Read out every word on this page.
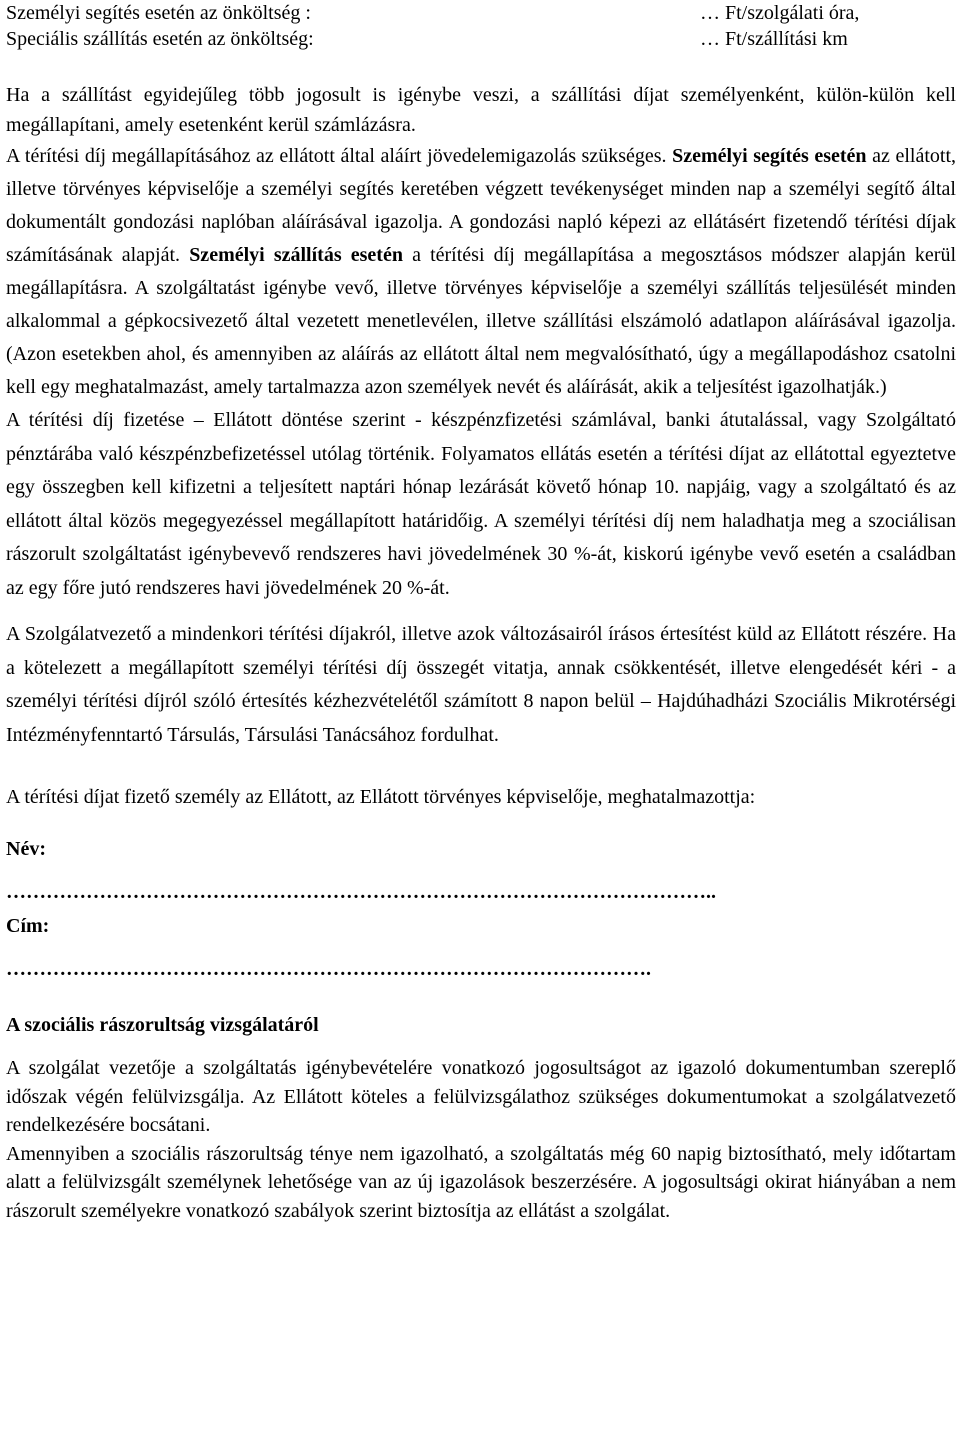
Személyi segítés esetén az önköltség :	… Ft/szolgálati óra,
Speciális szállítás esetén az önköltség:	… Ft/szállítási km

Ha a szállítást egyidejűleg több jogosult is igénybe veszi, a szállítási díjat személyenként, külön-külön kell megállapítani, amely esetenként kerül számlázásra.

A térítési díj megállapításához az ellátott által aláírt jövedelemigazolás szükséges. Személyi segítés esetén az ellátott, illetve törvényes képviselője a személyi segítés keretében végzett tevékenységet minden nap a személyi segítő által dokumentált gondozási naplóban aláírásával igazolja. A gondozási napló képezi az ellátásért fizetendő térítési díjak számításának alapját. Személyi szállítás esetén a térítési díj megállapítása a megosztásos módszer alapján kerül megállapításra. A szolgáltatást igénybe vevő, illetve törvényes képviselője a személyi szállítás teljesülését minden alkalommal a gépkocsivezető által vezetett menetlevélen, illetve szállítási elszámoló adatlapon aláírásával igazolja. (Azon esetekben ahol, és amennyiben az aláírás az ellátott által nem megvalósítható, úgy a megállapodáshoz csatolni kell egy meghatalmazást, amely tartalmazza azon személyek nevét és aláírását, akik a teljesítést igazolhatják.)

A térítési díj fizetése – Ellátott döntése szerint - készpénzfizetési számlával, banki átutalással, vagy Szolgáltató pénztárába való készpénzbefizetéssel utólag történik. Folyamatos ellátás esetén a térítési díjat az ellátottal egyeztetve egy összegben kell kifizetni a teljesített naptári hónap lezárását követő hónap 10. napjáig, vagy a szolgáltató és az ellátott által közös megegyezéssel megállapított határidőig. A személyi térítési díj nem haladhatja meg a szociálisan rászorult szolgáltatást igénybevevő rendszeres havi jövedelmének 30 %-át, kiskorú igénybe vevő esetén a családban az egy főre jutó rendszeres havi jövedelmének 20 %-át.

A Szolgálatvezető a mindenkori térítési díjakról, illetve azok változásairól írásos értesítést küld az Ellátott részére. Ha a kötelezett a megállapított személyi térítési díj összegét vitatja, annak csökkentését, illetve elengedését kéri - a személyi térítési díjról szóló értesítés kézhezvételétől számított 8 napon belül – Hajdúhadházi Szociális Mikrotérségi Intézményfenntartó Társulás, Társulási Tanácsához fordulhat.

A térítési díjat fizető személy az Ellátott, az Ellátott törvényes képviselője, meghatalmazottja:

Név:

……………………………………………………………………………………………..

Cím:

…………………………………………………………………………………….

A szociális rászorultság vizsgálatáról

A szolgálat vezetője a szolgáltatás igénybevételére vonatkozó jogosultságot az igazoló dokumentumban szereplő időszak végén felülvizsgálja. Az Ellátott köteles a felülvizsgálathoz szükséges dokumentumokat a szolgálatvezető rendelkezésére bocsátani.

Amennyiben a szociális rászorultság ténye nem igazolható, a szolgáltatás még 60 napig biztosítható, mely időtartam alatt a felülvizsgált személynek lehetősége van az új igazolások beszerzésére. A jogosultsági okirat hiányában a nem rászorult személyekre vonatkozó szabályok szerint biztosítja az ellátást a szolgálat.
